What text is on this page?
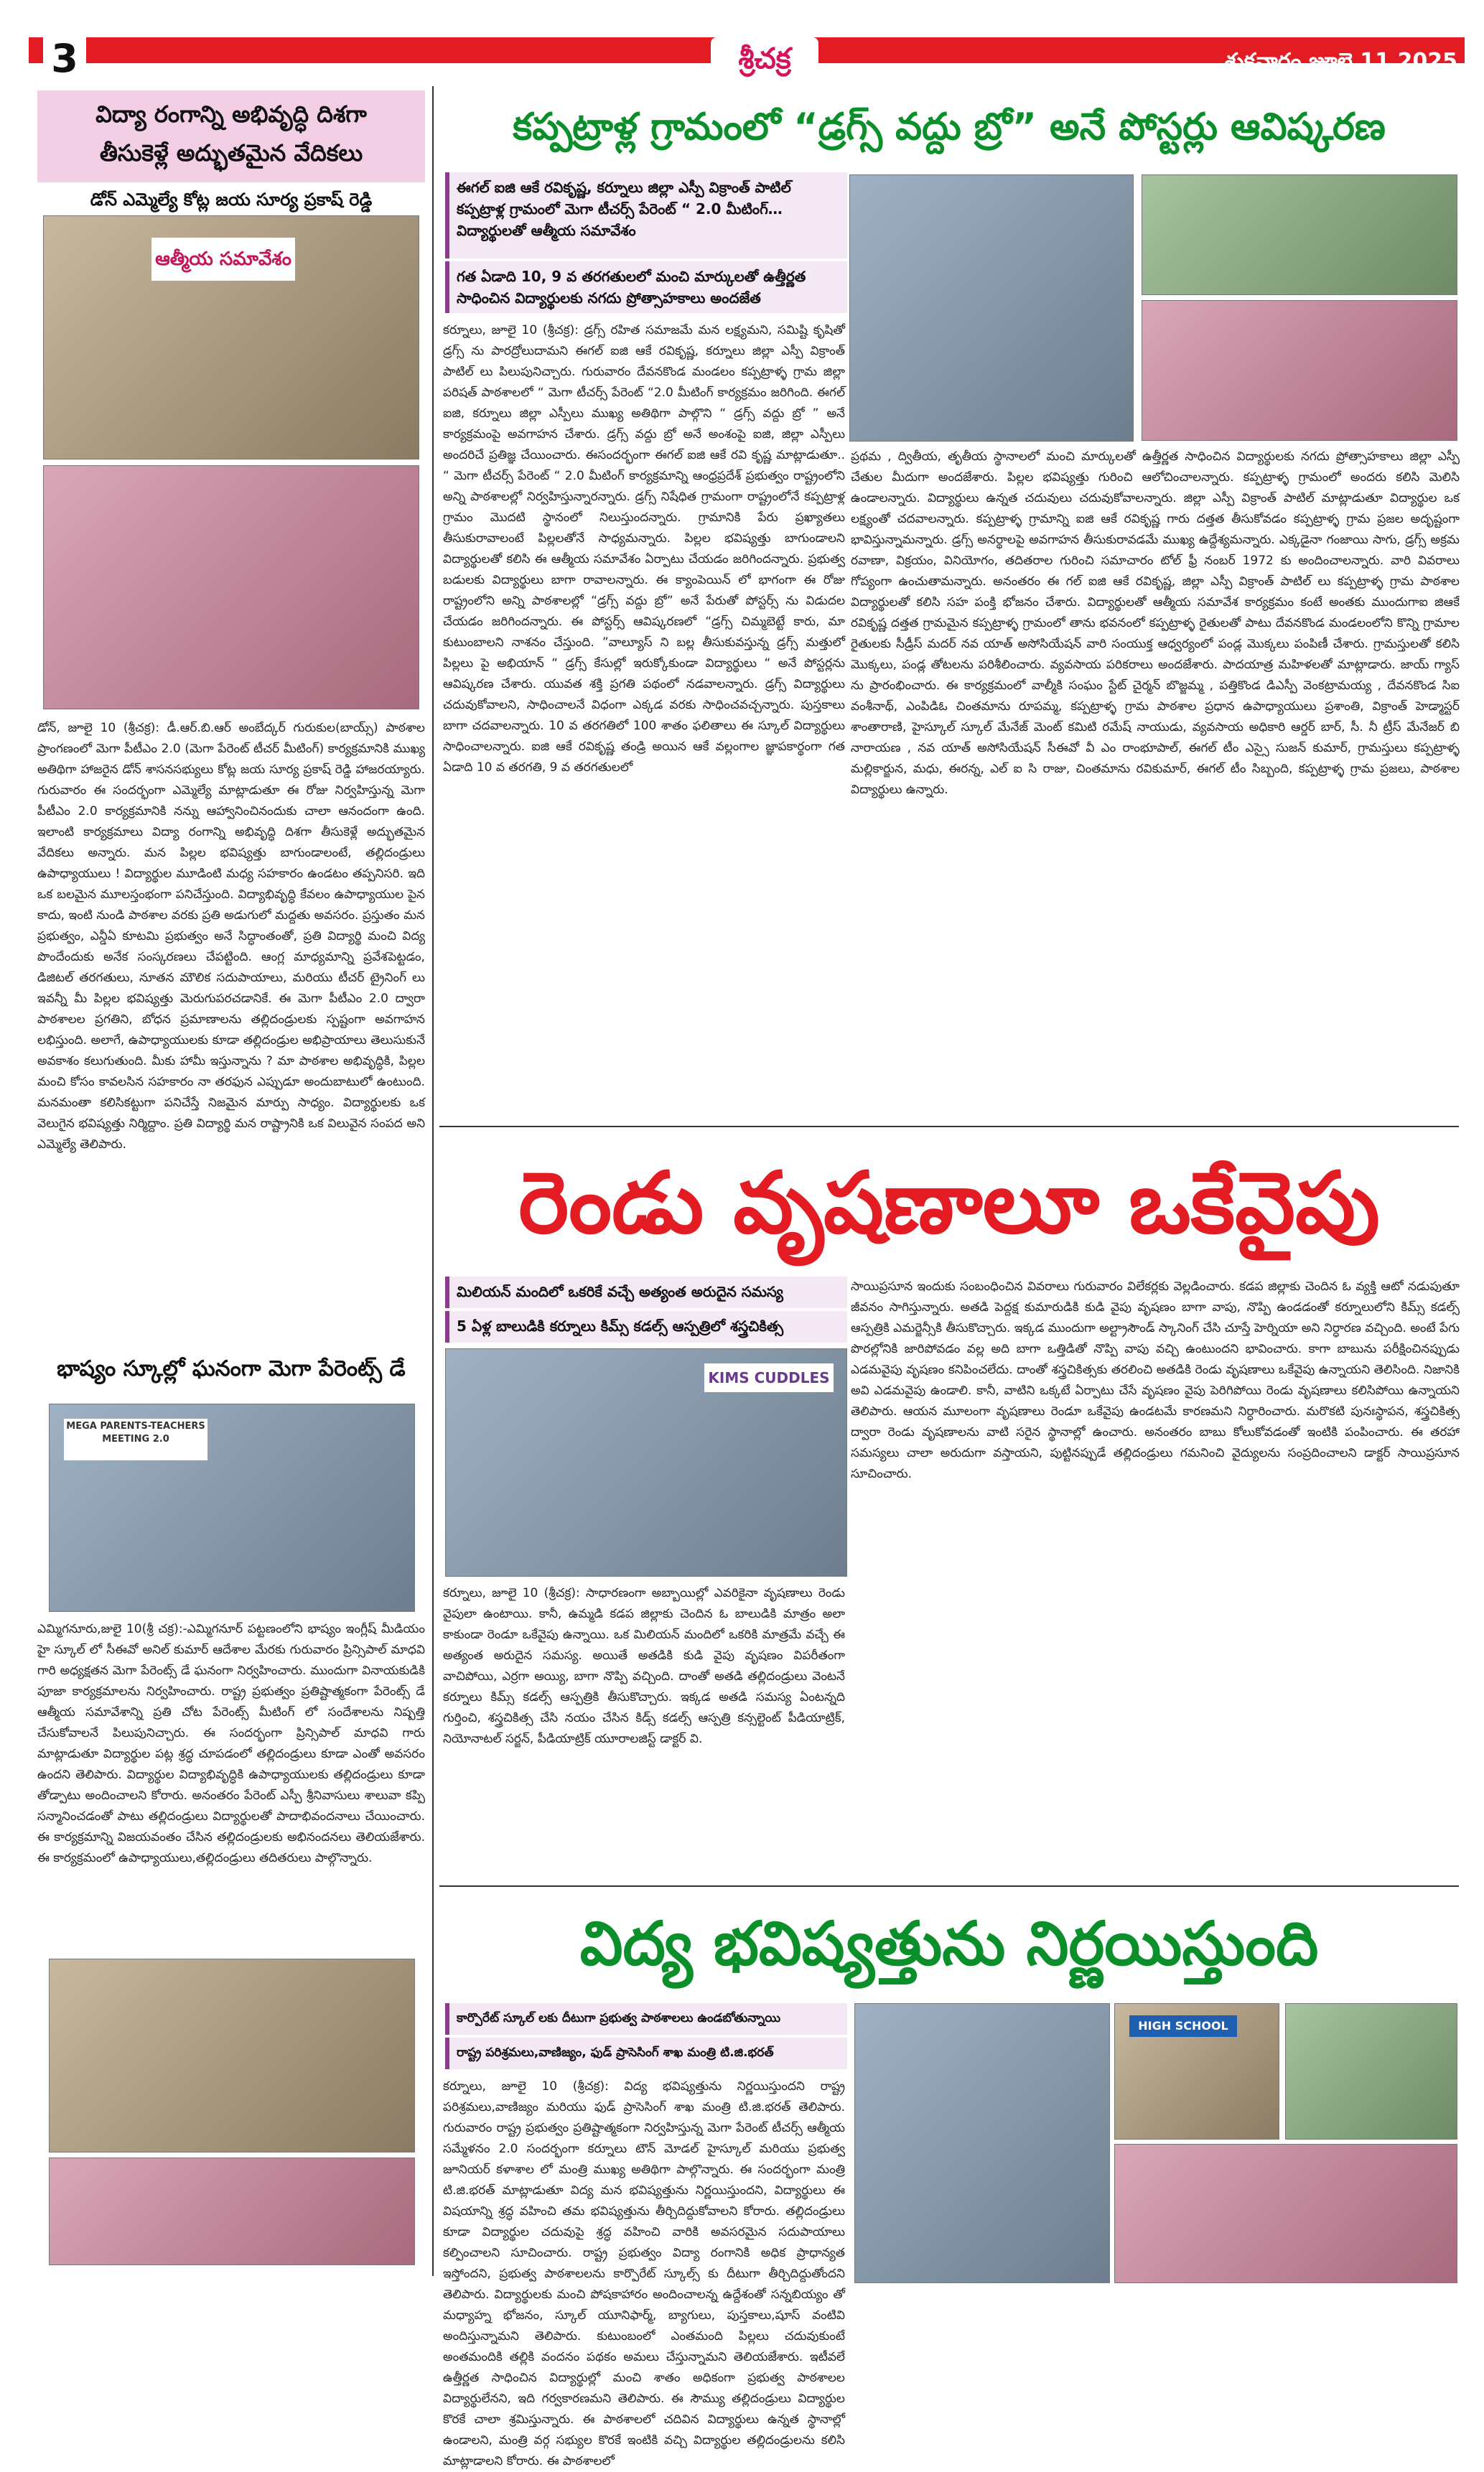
3	శ్రీచక్ర	శుక్రవారం జూలై 11 2025
విద్యా రంగాన్ని అభివృద్ధి దిశగా
తీసుకెళ్లే అద్భుతమైన వేదికలు
డోన్ ఎమ్మెల్యే కోట్ల జయ సూర్య ప్రకాష్ రెడ్డి
ఆత్మీయ సమావేశం
డోన్, జూలై 10 (శ్రీచక్ర): డీ.ఆర్.బి.ఆర్ అంబేద్కర్ గురుకుల(బాయ్స్) పాఠశాల ప్రాంగణంలో మెగా పీటీఎం 2.0 (మెగా పేరెంట్ టీచర్ మీటింగ్) కార్యక్రమానికి ముఖ్య అతిథిగా హాజరైన డోన్ శాసనసభ్యులు కోట్ల జయ సూర్య ప్రకాష్ రెడ్డి హాజరయ్యారు. గురువారం ఈ సందర్భంగా ఎమ్మెల్యే మాట్లాడుతూ ఈ రోజు నిర్వహిస్తున్న మెగా పీటీఎం 2.0 కార్యక్రమానికి నన్ను ఆహ్వానించినందుకు చాలా ఆనందంగా ఉంది. ఇలాంటి కార్యక్రమాలు విద్యా రంగాన్ని అభివృద్ధి దిశగా తీసుకెళ్లే అద్భుతమైన వేదికలు అన్నారు. మన పిల్లల భవిష్యత్తు బాగుండాలంటే, తల్లిదండ్రులు ఉపాధ్యాయులు ! విద్యార్థుల మూడింటి మధ్య సహకారం ఉండటం తప్పనిసరి. ఇది ఒక బలమైన మూలస్తంభంగా పనిచేస్తుంది. విద్యాభివృద్ధి కేవలం ఉపాధ్యాయుల పైన కాదు, ఇంటి నుండి పాఠశాల వరకు ప్రతి అడుగులో మద్దతు అవసరం. ప్రస్తుతం మన ప్రభుత్వం, ఎన్డీఏ కూటమి ప్రభుత్వం అనే సిద్ధాంతంతో, ప్రతి విద్యార్థి మంచి విద్య పొందేందుకు అనేక సంస్కరణలు చేపట్టింది. ఆంగ్ల మాధ్యమాన్ని ప్రవేశపెట్టడం, డిజిటల్ తరగతులు, నూతన మౌలిక సదుపాయాలు, మరియు టీచర్ ట్రైనింగ్ లు ఇవన్నీ మీ పిల్లల భవిష్యత్తు మెరుగుపరచడానికే. ఈ మెగా పీటీఎం 2.0 ద్వారా పాఠశాలల ప్రగతిని, బోధన ప్రమాణాలను తల్లిదండ్రులకు స్పష్టంగా అవగాహన లభిస్తుంది. అలాగే, ఉపాధ్యాయులకు కూడా తల్లిదండ్రుల అభిప్రాయాలు తెలుసుకునే అవకాశం కలుగుతుంది. మీకు హామీ ఇస్తున్నాను ? మా పాఠశాల అభివృద్ధికి, పిల్లల మంచి కోసం కావలసిన సహకారం నా తరఫున ఎప్పుడూ అందుబాటులో ఉంటుంది. మనమంతా కలిసికట్టుగా పనిచేస్తే నిజమైన మార్పు సాధ్యం. విద్యార్థులకు ఒక వెలుగైన భవిష్యత్తు నిర్మిద్దాం. ప్రతి విద్యార్థి మన రాష్ట్రానికి ఒక విలువైన సంపద అని ఎమ్మెల్యే తెలిపారు.
భాష్యం స్కూల్లో ఘనంగా మెగా పేరెంట్స్ డే
MEGA PARENTS-TEACHERS MEETING 2.0
ఎమ్మిగనూరు,జులై 10(శ్రీ చక్ర):-ఎమ్మిగనూర్ పట్టణంలోని భాష్యం ఇంగ్లీష్ మీడియం హై స్కూల్ లో సీఈవో అనిల్ కుమార్ ఆదేశాల మేరకు గురువారం ప్రిన్సిపాల్ మాధవి గారి అధ్యక్షతన మెగా పేరెంట్స్ డే ఘనంగా నిర్వహించారు. ముందుగా వినాయకుడికి పూజా కార్యక్రమాలను నిర్వహించారు. రాష్ట్ర ప్రభుత్వం ప్రతిష్టాత్మకంగా పేరెంట్స్ డే ఆత్మీయ సమావేశాన్ని ప్రతి చోట పేరెంట్స్ మీటింగ్ లో సందేశాలను నిష్పత్తి చేసుకోవాలనే పిలుపునిచ్చారు. ఈ సందర్భంగా ప్రిన్సిపాల్ మాధవి గారు మాట్లాడుతూ విద్యార్థుల పట్ల శ్రద్ధ చూపడంలో తల్లిదండ్రులు కూడా ఎంతో అవసరం ఉందని తెలిపారు. విద్యార్థుల విద్యాభివృద్ధికి ఉపాధ్యాయులకు తల్లిదండ్రులు కూడా తోడ్పాటు అందించాలని కోరారు. అనంతరం పేరెంట్ ఎస్పీ శ్రీనివాసులు శాలువా కప్పి సన్మానించడంతో పాటు తల్లిదండ్రులు విద్యార్థులతో పాదాభివందనాలు చేయించారు. ఈ కార్యక్రమాన్ని విజయవంతం చేసిన తల్లిదండ్రులకు అభినందనలు తెలియజేశారు. ఈ కార్యక్రమంలో ఉపాధ్యాయులు,తల్లిదండ్రులు తదితరులు పాల్గొన్నారు.
కప్పట్రాళ్ల గ్రామంలో “డ్రగ్స్ వద్దు బ్రో” అనే పోస్టర్లు ఆవిష్కరణ
ఈగల్ ఐజి ఆకే రవికృష్ణ, కర్నూలు జిల్లా ఎస్పీ విక్రాంత్ పాటిల్ కప్పట్రాళ్ల గ్రామంలో మెగా టీచర్స్ పేరెంట్ “ 2.0 మీటింగ్… విద్యార్థులతో ఆత్మీయ సమావేశం
గత ఏడాది 10, 9 వ తరగతులలో మంచి మార్కులతో ఉత్తీర్ణత సాధించిన విద్యార్థులకు నగదు ప్రోత్సాహకాలు అందజేత
కర్నూలు, జూలై 10 (శ్రీచక్ర): డ్రగ్స్ రహిత సమాజమే మన లక్ష్యమని, సమిష్టి కృషితో డ్రగ్స్ ను పారద్రోలుదామని ఈగల్ ఐజి ఆకే రవికృష్ణ, కర్నూలు జిల్లా ఎస్పీ విక్రాంత్ పాటిల్ లు పిలుపునిచ్చారు. గురువారం దేవనకొండ మండలం కప్పట్రాళ్ళ గ్రామ జిల్లా పరిషత్ పాఠశాలలో “ మెగా టీచర్స్ పేరెంట్ “2.0 మీటింగ్ కార్యక్రమం జరిగింది. ఈగల్ ఐజి, కర్నూలు జిల్లా ఎస్పీలు ముఖ్య అతిథిగా పాల్గొని “ డ్రగ్స్ వద్దు బ్రో ” అనే కార్యక్రమంపై అవగాహన చేశారు. డ్రగ్స్ వద్దు బ్రో అనే అంశంపై ఐజి, జిల్లా ఎస్పీలు అందరిచే ప్రతిజ్ఞ చేయించారు. ఈసందర్భంగా ఈగల్ ఐజి ఆకే రవి కృష్ణ మాట్లాడుతూ.. “ మెగా టీచర్స్ పేరెంట్ “ 2.0 మీటింగ్ కార్యక్రమాన్ని ఆంధ్రప్రదేశ్ ప్రభుత్వం రాష్ట్రంలోని అన్ని పాఠశాలల్లో నిర్వహిస్తున్నారన్నారు. డ్రగ్స్ నిషేధిత గ్రామంగా రాష్ట్రంలోనే కప్పట్రాళ్ల గ్రామం మొదటి స్థానంలో నిలుస్తుందన్నారు. గ్రామానికి పేరు ప్రఖ్యాతలు తీసుకురావాలంటే పిల్లలతోనే సాధ్యమన్నారు. పిల్లల భవిష్యత్తు బాగుండాలని విద్యార్థులతో కలిసి ఈ ఆత్మీయ సమావేశం ఏర్పాటు చేయడం జరిగిందన్నారు. ప్రభుత్వ బడులకు విద్యార్థులు బాగా రావాలన్నారు. ఈ క్యాంపెయిన్ లో భాగంగా ఈ రోజు రాష్ట్రంలోని అన్ని పాఠశాలల్లో “డ్రగ్స్ వద్దు బ్రో” అనే పేరుతో పోస్టర్స్ ను విడుదల చేయడం జరిగిందన్నారు. ఈ పోస్టర్స్ ఆవిష్కరణలో “డ్రగ్స్ చిమ్మబెట్టే కారు, మా కుటుంబాలని నాశనం చేస్తుంది. ”వాల్యూస్ ని బల్ల తీసుకువస్తున్న డ్రగ్స్ మత్తులో పిల్లలు పై అభియాన్ “ డ్రగ్స్ కేసుల్లో ఇరుక్కోకుండా విద్యార్థులు “ అనే పోస్టర్లను ఆవిష్కరణ చేశారు. యువత శక్తి ప్రగతి పథంలో నడవాలన్నారు. డ్రగ్స్ విద్యార్థులు చదువుకోవాలని, సాధించాలనే విధంగా ఎక్కడ వరకు సాధించవచ్చన్నారు. పుస్తకాలు బాగా చదవాలన్నారు. 10 వ తరగతిలో 100 శాతం ఫలితాలు ఈ స్కూల్ విద్యార్థులు సాధించాలన్నారు. ఐజి ఆకే రవికృష్ణ తండ్రి అయిన ఆకే వల్లంగాల జ్ఞాపకార్థంగా గత ఏడాది 10 వ తరగతి, 9 వ తరగతులలో
ప్రథమ , ద్వితీయ, తృతీయ స్థానాలలో మంచి మార్కులతో ఉత్తీర్ణత సాధించిన విద్యార్థులకు నగదు ప్రోత్సాహకాలు జిల్లా ఎస్పీ చేతుల మీదుగా అందజేశారు. పిల్లల భవిష్యత్తు గురించి ఆలోచించాలన్నారు. కప్పట్రాళ్ళ గ్రామంలో అందరు కలిసి మెలిసి ఉండాలన్నారు. విద్యార్థులు ఉన్నత చదువులు చదువుకోవాలన్నారు. జిల్లా ఎస్పీ విక్రాంత్ పాటిల్ మాట్లాడుతూ విద్యార్థుల ఒక లక్ష్యంతో చదవాలన్నారు. కప్పట్రాళ్ళ గ్రామాన్ని ఐజి ఆకే రవికృష్ణ గారు దత్తత తీసుకోవడం కప్పట్రాళ్ళ గ్రామ ప్రజల అదృష్టంగా భావిస్తున్నామన్నారు. డ్రగ్స్ అనర్థాలపై అవగాహన తీసుకురావడమే ముఖ్య ఉద్దేశ్యమన్నారు. ఎక్కడైనా గంజాయి సాగు, డ్రగ్స్ అక్రమ రవాణా, విక్రయం, వినియోగం, తదితరాల గురించి సమాచారం టోల్ ఫ్రీ నంబర్ 1972 కు అందించాలన్నారు. వారి వివరాలు గోప్యంగా ఉంచుతామన్నారు. అనంతరం ఈ గల్ ఐజి ఆకే రవికృష్ణ, జిల్లా ఎస్పీ విక్రాంత్ పాటిల్ లు కప్పట్రాళ్ళ గ్రామ పాఠశాల విద్యార్థులతో కలిసి సహ పంక్తి భోజనం చేశారు. విద్యార్థులతో ఆత్మీయ సమావేశ కార్యక్రమం కంటే అంతకు ముందుగాఐ జిఆకే రవికృష్ణ దత్తత గ్రామమైన కప్పట్రాళ్ళ గ్రామంలో తాను భవనంలో కప్పట్రాళ్ళ రైతులతో పాటు దేవనకొండ మండలంలోని కొన్ని గ్రామాల రైతులకు సీడ్రీస్ మదర్ నవ యాత్ అసోసియేషన్ వారి సంయుక్త ఆధ్వర్యంలో పండ్ల మొక్కలు పంపిణీ చేశారు. గ్రామస్తులతో కలిసి మొక్కలు, పండ్ల తోటలను పరిశీలించారు. వ్యవసాయ పరికరాలు అందజేశారు. పాదయాత్ర మహిళలతో మాట్లాడారు. జాయ్ గ్యాస్ ను ప్రారంభించారు. ఈ కార్యక్రమంలో వాల్మీకి సంఘం స్టేట్ చైర్మన్ బొజ్జమ్మ , పత్తికొండ డిఎస్పీ వెంకట్రామయ్య , దేవనకొండ సిఐ వంశీనాథ్, ఎంపిడిఓ చింతమాను రూపమ్మ, కప్పట్రాళ్ళ గ్రామ పాఠశాల ప్రధాన ఉపాధ్యాయులు ప్రశాంతి, విక్రాంత్ హెడ్మాస్టర్ శాంతారాణి, హైస్కూల్ స్కూల్ మేనేజ్ మెంట్ కమిటి రమేష్ నాయుడు, వ్యవసాయ అధికారి ఆర్డర్ బార్, సీ. నీ ట్రీస్ మేనేజర్ బి నారాయణ , నవ యాత్ అసోసియేషన్ సీఈవో వీ ఎం రాంభూపాల్, ఈగల్ టీం ఎస్సై సుజన్ కుమార్, గ్రామస్తులు కప్పట్రాళ్ళ మల్లికార్జున, మధు, ఈరన్న, ఎల్ ఐ సి రాజు, చింతమాను రవికుమార్, ఈగల్ టీం సిబ్బంది, కప్పట్రాళ్ళ గ్రామ ప్రజలు, పాఠశాల విద్యార్థులు ఉన్నారు.
రెండు వృషణాలూ ఒకేవైపు
మిలియన్ మందిలో ఒకరికే వచ్చే అత్యంత అరుదైన సమస్య
5 ఏళ్ల బాలుడికి కర్నూలు కిమ్స్ కడల్స్ ఆస్పత్రిలో శస్త్రచికిత్స
KIMS CUDDLES
కర్నూలు, జూలై 10 (శ్రీచక్ర): సాధారణంగా అబ్బాయిల్లో ఎవరికైనా వృషణాలు రెండు వైపులా ఉంటాయి. కానీ, ఉమ్మడి కడప జిల్లాకు చెందిన ఓ బాలుడికి మాత్రం అలా కాకుండా రెండూ ఒకేవైపు ఉన్నాయి. ఒక మిలియన్ మందిలో ఒకరికి మాత్రమే వచ్చే ఈ అత్యంత అరుదైన సమస్య. అయితే అతడికి కుడి వైపు వృషణం విపరీతంగా వాచిపోయి, ఎర్రగా అయ్యి, బాగా నొప్పి వచ్చింది. దాంతో అతడి తల్లిదండ్రులు వెంటనే కర్నూలు కిమ్స్ కడల్స్ ఆస్పత్రికి తీసుకొచ్చారు. ఇక్కడ అతడి సమస్య ఏంటన్నది గుర్తించి, శస్త్రచికిత్స చేసి నయం చేసిన కిడ్స్ కడల్స్ ఆస్పత్రి కన్సల్టెంట్ పీడియాట్రిక్, నియోనాటల్ సర్జన్, పీడియాట్రిక్ యూరాలజిస్ట్ డాక్టర్ వి.
సాయిప్రసూన ఇందుకు సంబంధించిన వివరాలు గురువారం విలేకర్లకు వెల్లడించారు. కడప జిల్లాకు చెందిన ఓ వ్యక్తి ఆటో నడుపుతూ జీవనం సాగిస్తున్నారు. అతడి పెద్దక్ష కుమారుడికి కుడి వైపు వృషణం బాగా వాపు, నొప్పి ఉండడంతో కర్నూలులోని కిమ్స్ కడల్స్ ఆస్పత్రికి ఎమర్జెన్సీకి తీసుకొచ్చారు. ఇక్కడ ముందుగా అల్ట్రాసౌండ్ స్కానింగ్ చేసి చూస్తే హెర్నియా అని నిర్ధారణ వచ్చింది. అంటే పేగు పొరల్లోనికి జారిపోవడం వల్ల అది బాగా ఒత్తిడితో నొప్పి వాపు వచ్చి ఉంటుందని భావించారు. కాగా బాబును పరీక్షించినప్పుడు ఎడమవైపు వృషణం కనిపించలేదు. దాంతో శస్త్రచికిత్సకు తరలించి అతడికి రెండు వృషణాలు ఒకేవైపు ఉన్నాయని తెలిసింది. నిజానికి అవి ఎడమవైపు ఉండాలి. కానీ, వాటిని ఒక్కటే ఏర్పాటు చేసే వృషణం వైపు పెరిగిపోయి రెండు వృషణాలు కలిసిపోయి ఉన్నాయని తెలిపారు. ఆయన మూలంగా వృషణాలు రెండూ ఒకేవైపు ఉండటమే కారణమని నిర్ధారించారు. మరొకటి పునఃస్థాపన, శస్త్రచికిత్స ద్వారా రెండు వృషణాలను వాటి సరైన స్థానాల్లో ఉంచారు. అనంతరం బాబు కోలుకోవడంతో ఇంటికి పంపించారు. ఈ తరహా సమస్యలు చాలా అరుదుగా వస్తాయని, పుట్టినప్పుడే తల్లిదండ్రులు గమనించి వైద్యులను సంప్రదించాలని డాక్టర్ సాయిప్రసూన సూచించారు.
విద్య భవిష్యత్తును నిర్ణయిస్తుంది
కార్పొరేట్ స్కూల్ లకు దీటుగా ప్రభుత్వ పాఠశాలలు ఉండబోతున్నాయి
రాష్ట్ర పరిశ్రమలు,వాణిజ్యం, ఫుడ్ ప్రాసెసింగ్ శాఖ మంత్రి టి.జి.భరత్
కర్నూలు, జూలై 10 (శ్రీచక్ర): విద్య భవిష్యత్తును నిర్ణయిస్తుందని రాష్ట్ర పరిశ్రమలు,వాణిజ్యం మరియు ఫుడ్ ప్రాసెసింగ్ శాఖ మంత్రి టి.జి.భరత్ తెలిపారు. గురువారం రాష్ట్ర ప్రభుత్వం ప్రతిష్టాత్మకంగా నిర్వహిస్తున్న మెగా పేరెంట్ టీచర్స్ ఆత్మీయ సమ్మేళనం 2.0 సందర్భంగా కర్నూలు టౌన్ మోడల్ హైస్కూల్ మరియు ప్రభుత్వ జూనియర్ కళాశాల లో మంత్రి ముఖ్య అతిథిగా పాల్గొన్నారు. ఈ సందర్భంగా మంత్రి టి.జి.భరత్ మాట్లాడుతూ విద్య మన భవిష్యత్తును నిర్ణయిస్తుందని, విద్యార్థులు ఈ విషయాన్ని శ్రద్ధ వహించి తమ భవిష్యత్తును తీర్చిదిద్దుకోవాలని కోరారు. తల్లిదండ్రులు కూడా విద్యార్థుల చదువుపై శ్రద్ధ వహించి వారికి అవసరమైన సదుపాయాలు కల్పించాలని సూచించారు. రాష్ట్ర ప్రభుత్వం విద్యా రంగానికి అధిక ప్రాధాన్యత ఇస్తోందని, ప్రభుత్వ పాఠశాలలను కార్పొరేట్ స్కూల్స్ కు దీటుగా తీర్చిదిద్దుతోందని తెలిపారు. విద్యార్థులకు మంచి పోషకాహారం అందించాలన్న ఉద్దేశంతో సన్నబియ్యం తో మధ్యాహ్న భోజనం, స్కూల్ యూనిఫార్మ్, బ్యాగులు, పుస్తకాలు,షూస్ వంటివి అందిస్తున్నామని తెలిపారు. కుటుంబంలో ఎంతమంది పిల్లలు చదువుకుంటే అంతమందికి తల్లికి వందనం పథకం అమలు చేస్తున్నామని తెలియజేశారు. ఇటీవలే ఉత్తీర్ణత సాధించిన విద్యార్థుల్లో మంచి శాతం అధికంగా ప్రభుత్వ పాఠశాలల విద్యార్థులేనని, ఇది గర్వకారణమని తెలిపారు. ఈ సౌమ్యు తల్లిదండ్రులు విద్యార్థుల కొరకే చాలా శ్రమిస్తున్నారు. ఈ పాఠశాలలో చదివిన విద్యార్థులు ఉన్నత స్థానాల్లో ఉండాలని, మంత్రి వర్గ సభ్యుల కొరకే ఇంటికి వచ్చి విద్యార్థుల తల్లిదండ్రులను కలిసి మాట్లాడాలని కోరారు. ఈ పాఠశాలలో
HIGH SCHOOL
